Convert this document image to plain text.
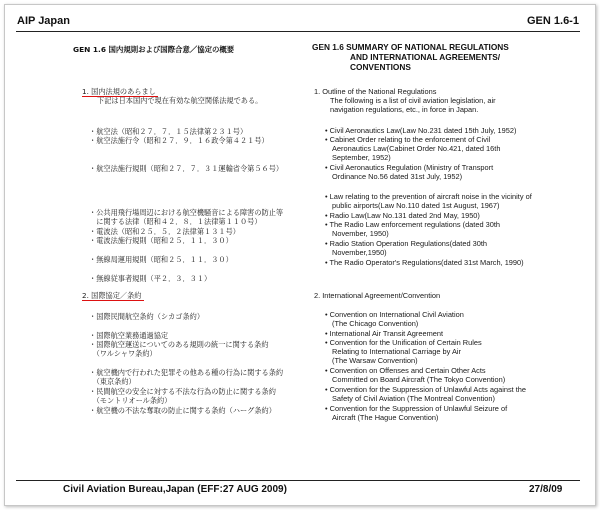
AIP Japan	GEN 1.6-1
GEN 1.6 国内規則および国際合意／協定の概要	GEN 1.6 SUMMARY OF NATIONAL REGULATIONS
AND INTERNATIONAL AGREEMENTS/
CONVENTIONS
1. 国内法規のあらまし
下記は日本国内で現在有効な航空関係法規である。
・航空法（昭和２７．７．１５法律第２３１号）
・航空法施行令（昭和２７．９．１６政令第４２１号）
・航空法施行規則（昭和２７．７．３１運輸省令第５６号）
・公共用飛行場周辺における航空機騒音による障害の防止等
　に関する法律（昭和４２．８．１法律第１１０号）
・電波法（昭和２５．５．２法律第１３１号）
・電波法施行規則（昭和２５．１１．３０）
・無線局運用規則（昭和２５．１１．３０）
・無線従事者規則（平２．３．３１）
2. 国際協定／条約
・国際民間航空条約（シカゴ条約）
・国際航空業務通過協定
・国際航空運送についてのある規則の統一に関する条約
　（ワルシャワ条約）
・航空機内で行われた犯罪その他ある種の行為に関する条約
　（東京条約）
・民間航空の安全に対する不法な行為の防止に関する条約
　（モントリオール条約）
・航空機の不法な奪取の防止に関する条約（ハーグ条約）
1. Outline of the National Regulations
The following is a list of civil aviation legislation, air
navigation regulations, etc., in force in Japan.
• Civil Aeronautics Law(Law No.231 dated 15th July, 1952)
• Cabinet Order relating to the enforcement of Civil
Aeronautics Law(Cabinet Order No.421, dated 16th
September, 1952)
• Civil Aeronautics Regulation (Ministry of Transport
Ordinance No.56 dated 31st July, 1952)
• Law relating to the prevention of aircraft noise in the vicinity of
public airports(Law No.110 dated 1st August, 1967)
• Radio Law(Law No.131 dated 2nd May, 1950)
• The Radio Law enforcement regulations (dated 30th
November, 1950)
• Radio Station Operation Regulations(dated 30th
November,1950)
• The Radio Operator's Regulations(dated 31st March, 1990)
2. International Agreement/Convention
• Convention on International Civil Aviation
(The Chicago Convention)
• International Air Transit Agreement
• Convention for the Unification of Certain Rules
Relating to International Carriage by Air
(The Warsaw Convention)
• Convention on Offenses and Certain Other Acts
Committed on Board Aircraft (The Tokyo Convention)
• Convention for the Suppression of Unlawful Acts against the
Safety of Civil Aviation (The Montreal Convention)
• Convention for the Suppression of Unlawful Seizure of
Aircraft (The Hague Convention)
Civil Aviation Bureau,Japan (EFF:27 AUG 2009)	27/8/09
